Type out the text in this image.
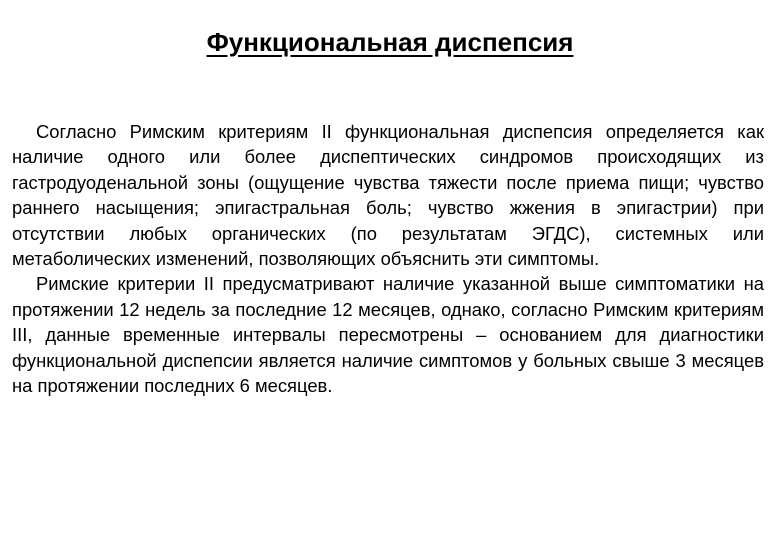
Функциональная диспепсия

Согласно Римским критериям II функциональная диспепсия определяется как наличие одного или более диспептических синдромов происходящих из гастродуоденальной зоны (ощущение чувства тяжести после приема пищи; чувство раннего насыщения; эпигастральная боль; чувство жжения в эпигастрии) при отсутствии любых органических (по результатам ЭГДС), системных или метаболических изменений, позволяющих объяснить эти симптомы.

Римские критерии II предусматривают наличие указанной выше симптоматики на протяжении 12 недель за последние 12 месяцев, однако, согласно Римским критериям III, данные временные интервалы пересмотрены – основанием для диагностики функциональной диспепсии является наличие симптомов у больных свыше 3 месяцев на протяжении последних 6 месяцев.
